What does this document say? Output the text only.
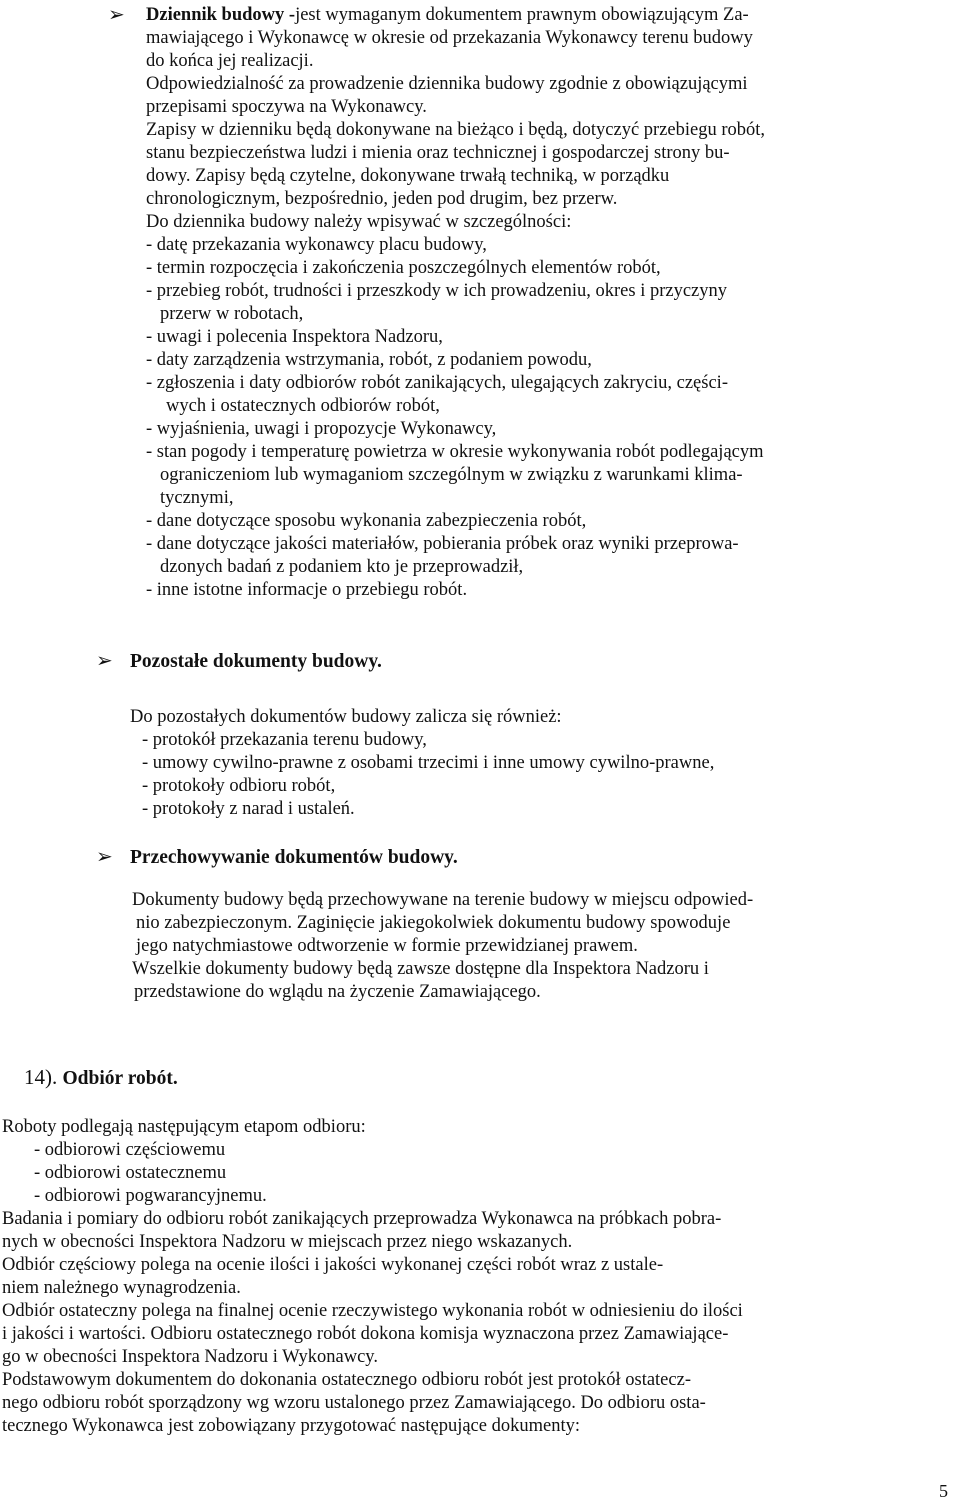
➢ Dziennik budowy -jest wymaganym dokumentem prawnym obowiązującym Za-
mawiającego i Wykonawcę w okresie od przekazania Wykonawcy terenu budowy
do końca jej realizacji.
Odpowiedzialność za prowadzenie dziennika budowy zgodnie z obowiązującymi
przepisami spoczywa na Wykonawcy.
Zapisy w dzienniku będą dokonywane na bieżąco i będą, dotyczyć przebiegu robót,
stanu bezpieczeństwa ludzi i mienia oraz technicznej i gospodarczej strony bu-
dowy. Zapisy będą czytelne, dokonywane trwałą techniką, w porządku
chronologicznym, bezpośrednio, jeden pod drugim, bez przerw.
Do dziennika budowy należy wpisywać w szczególności:
- datę przekazania wykonawcy placu budowy,
- termin rozpoczęcia i zakończenia poszczególnych elementów robót,
- przebieg robót, trudności i przeszkody w ich prowadzeniu, okres i przyczyny
przerw w robotach,
- uwagi i polecenia Inspektora Nadzoru,
- daty zarządzenia wstrzymania, robót, z podaniem powodu,
- zgłoszenia i daty odbiorów robót zanikających, ulegających zakryciu, części-
wych i ostatecznych odbiorów robót,
- wyjaśnienia, uwagi i propozycje Wykonawcy,
- stan pogody i temperaturę powietrza w okresie wykonywania robót podlegającym
ograniczeniom lub wymaganiom szczególnym w związku z warunkami klima-
tycznymi,
- dane dotyczące sposobu wykonania zabezpieczenia robót,
- dane dotyczące jakości materiałów, pobierania próbek oraz wyniki przeprowa-
dzonych badań z podaniem kto je przeprowadził,
- inne istotne informacje o przebiegu robót.
➢ Pozostałe dokumenty budowy.
Do pozostałych dokumentów budowy zalicza się również:
- protokół przekazania terenu budowy,
- umowy cywilno-prawne z osobami trzecimi i inne umowy cywilno-prawne,
- protokoły odbioru robót,
- protokoły z narad i ustaleń.
➢ Przechowywanie dokumentów budowy.
Dokumenty budowy będą przechowywane na terenie budowy w miejscu odpowied-
nio zabezpieczonym. Zaginięcie jakiegokolwiek dokumentu budowy spowoduje
jego natychmiastowe odtworzenie w formie przewidzianej prawem.
Wszelkie dokumenty budowy będą zawsze dostępne dla Inspektora Nadzoru i
przedstawione do wglądu na życzenie Zamawiającego.
14). Odbiór robót.
Roboty podlegają następującym etapom odbioru:
- odbiorowi częściowemu
- odbiorowi ostatecznemu
- odbiorowi pogwarancyjnemu.
Badania i pomiary do odbioru robót zanikających przeprowadza Wykonawca na próbkach pobra-
nych w obecności Inspektora Nadzoru w miejscach przez niego wskazanych.
Odbiór częściowy polega na ocenie ilości i jakości wykonanej części robót wraz z ustale-
niem należnego wynagrodzenia.
Odbiór ostateczny polega na finalnej ocenie rzeczywistego wykonania robót w odniesieniu do ilości
i jakości i wartości. Odbioru ostatecznego robót dokona komisja wyznaczona przez Zamawiające-
go w obecności Inspektora Nadzoru i Wykonawcy.
Podstawowym dokumentem do dokonania ostatecznego odbioru robót jest protokół ostatecz-
nego odbioru robót sporządzony wg wzoru ustalonego przez Zamawiającego. Do odbioru osta-
tecznego Wykonawca jest zobowiązany przygotować następujące dokumenty:
5
